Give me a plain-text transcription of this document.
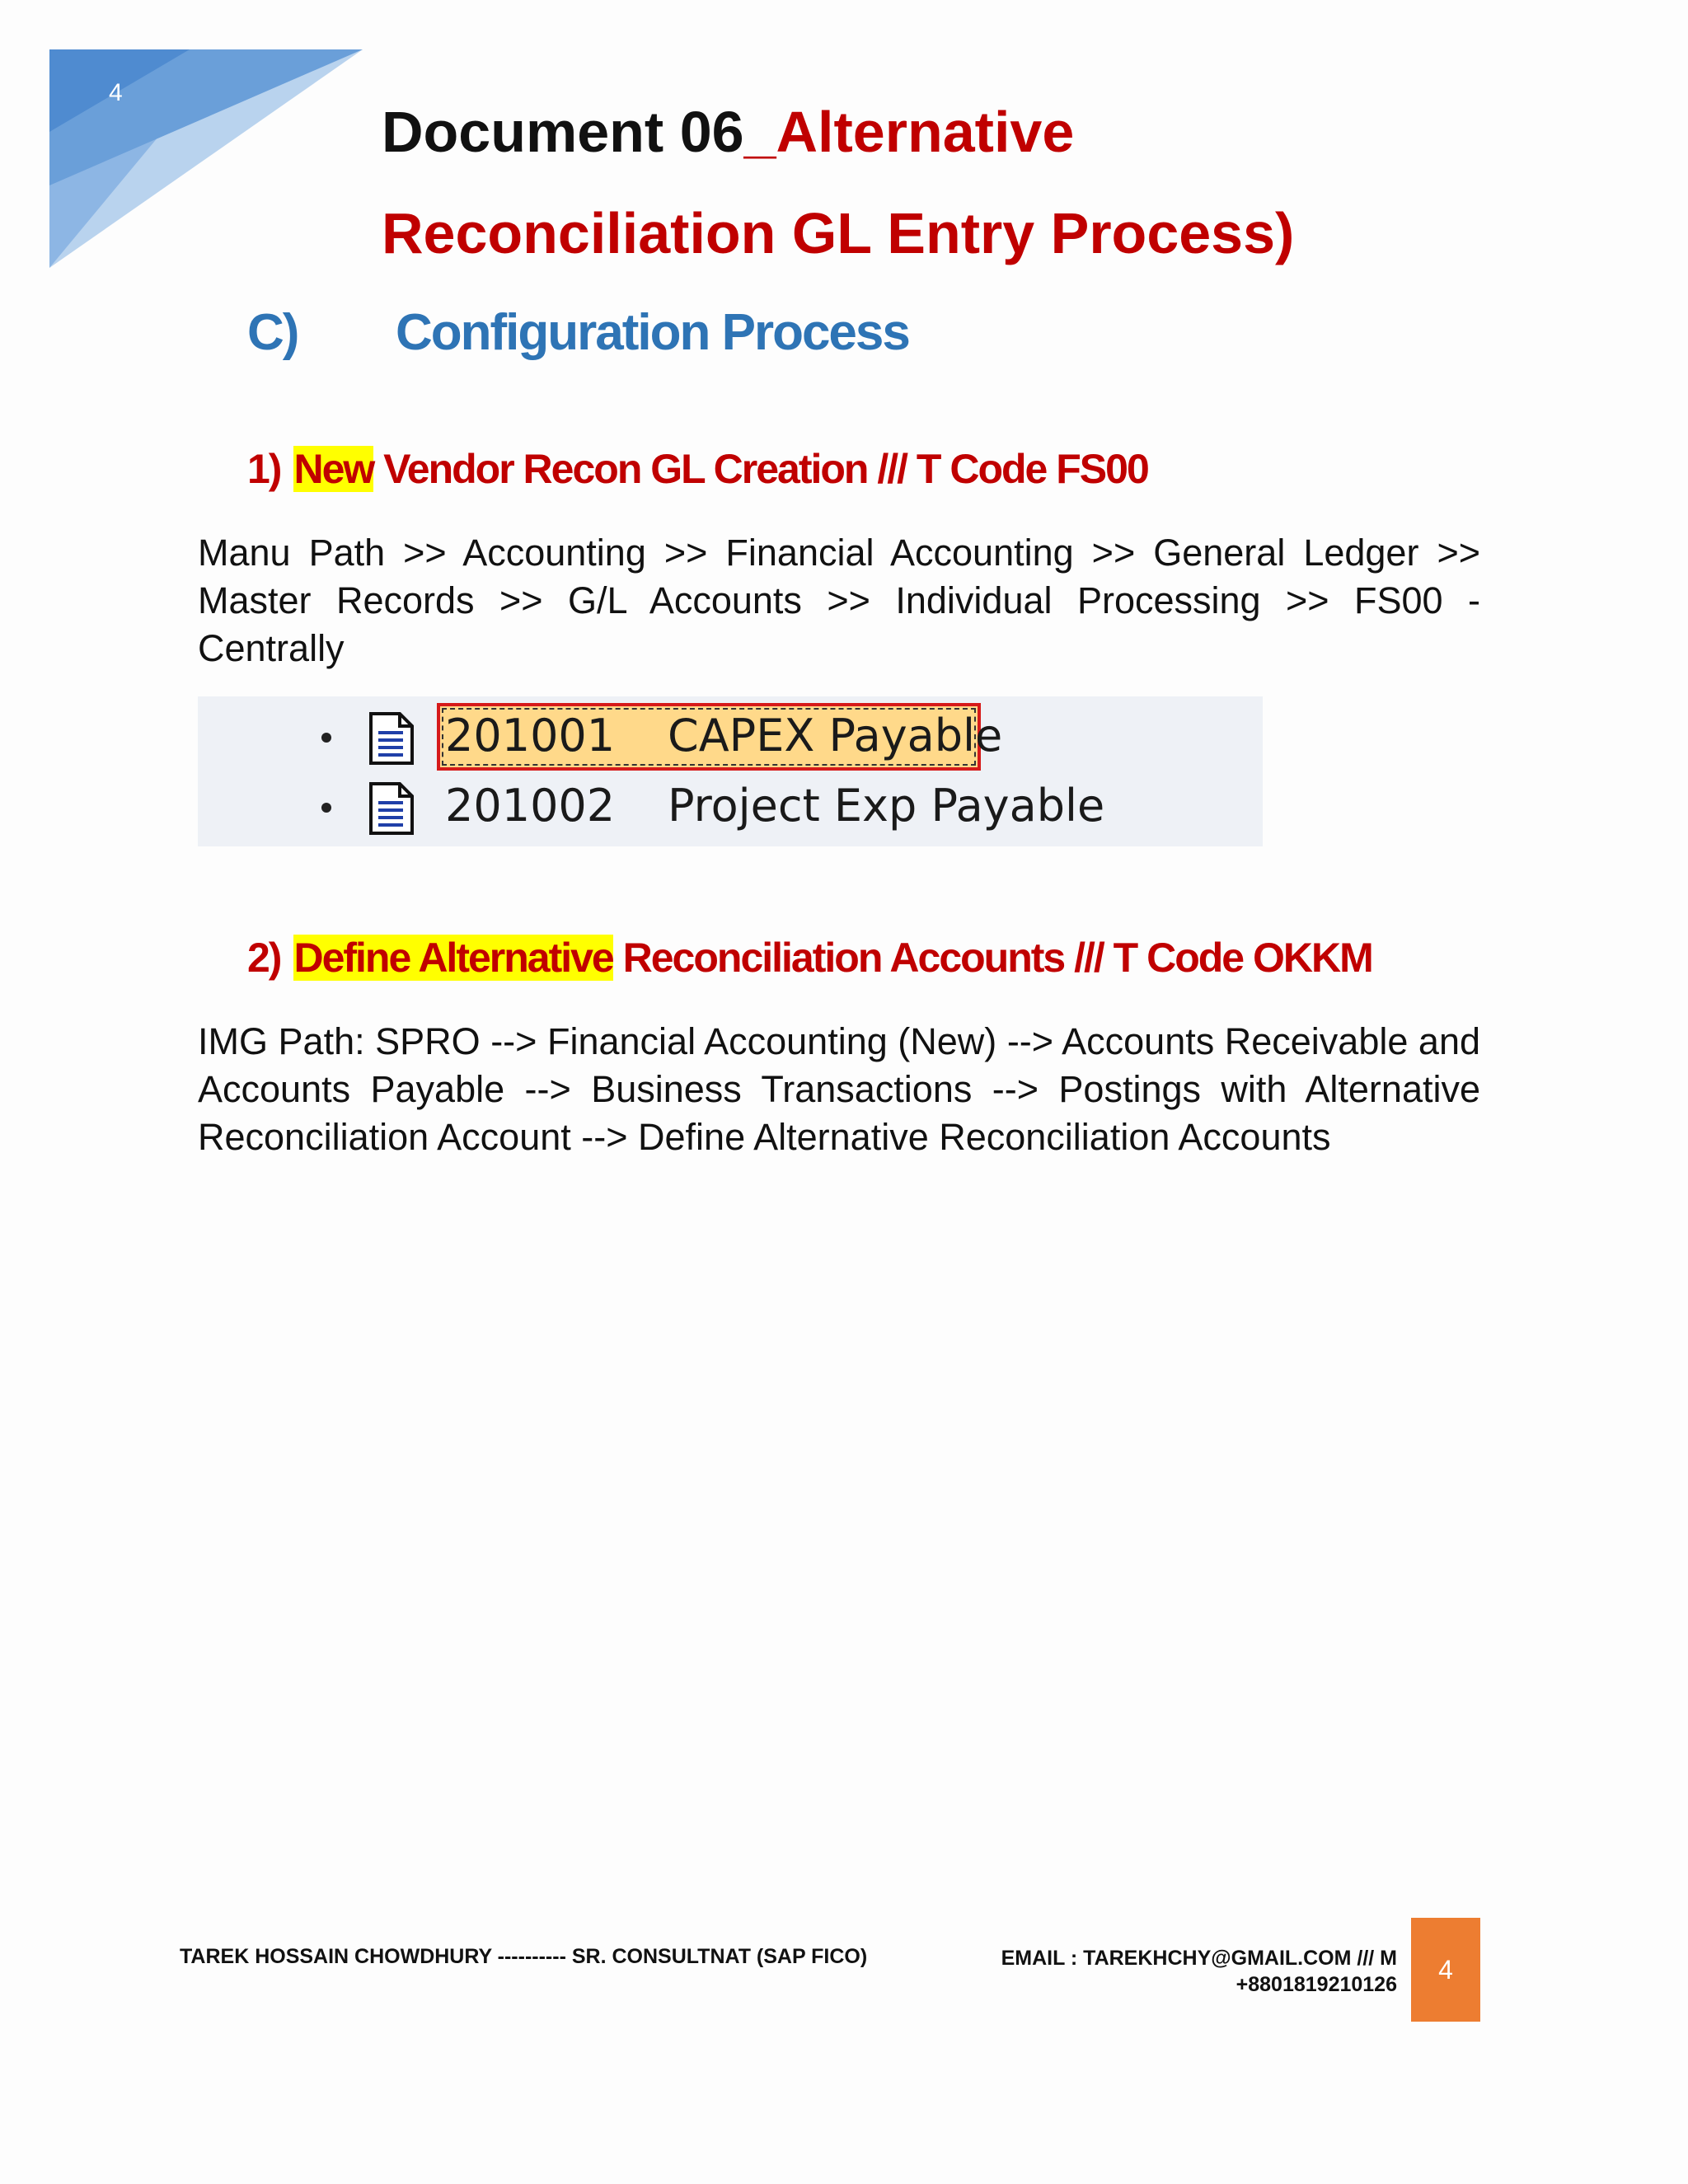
4
Document 06_Alternative
Reconciliation GL Entry Process)
C) Configuration Process
1) New Vendor Recon GL Creation /// T Code FS00
Manu Path >> Accounting >> Financial Accounting >> General Ledger >> Master Records >> G/L Accounts >> Individual Processing >> FS00 - Centrally
201001 CAPEX Payable
201002 Project Exp Payable
2) Define Alternative Reconciliation Accounts /// T Code OKKM
IMG Path: SPRO --> Financial Accounting (New) --> Accounts Receivable and Accounts Payable --> Business Transactions --> Postings with Alternative Reconciliation Account --> Define Alternative Reconciliation Accounts
TAREK HOSSAIN CHOWDHURY ---------- SR. CONSULTNAT (SAP FICO)	EMAIL : TAREKHCHY@GMAIL.COM /// M
+8801819210126
4
